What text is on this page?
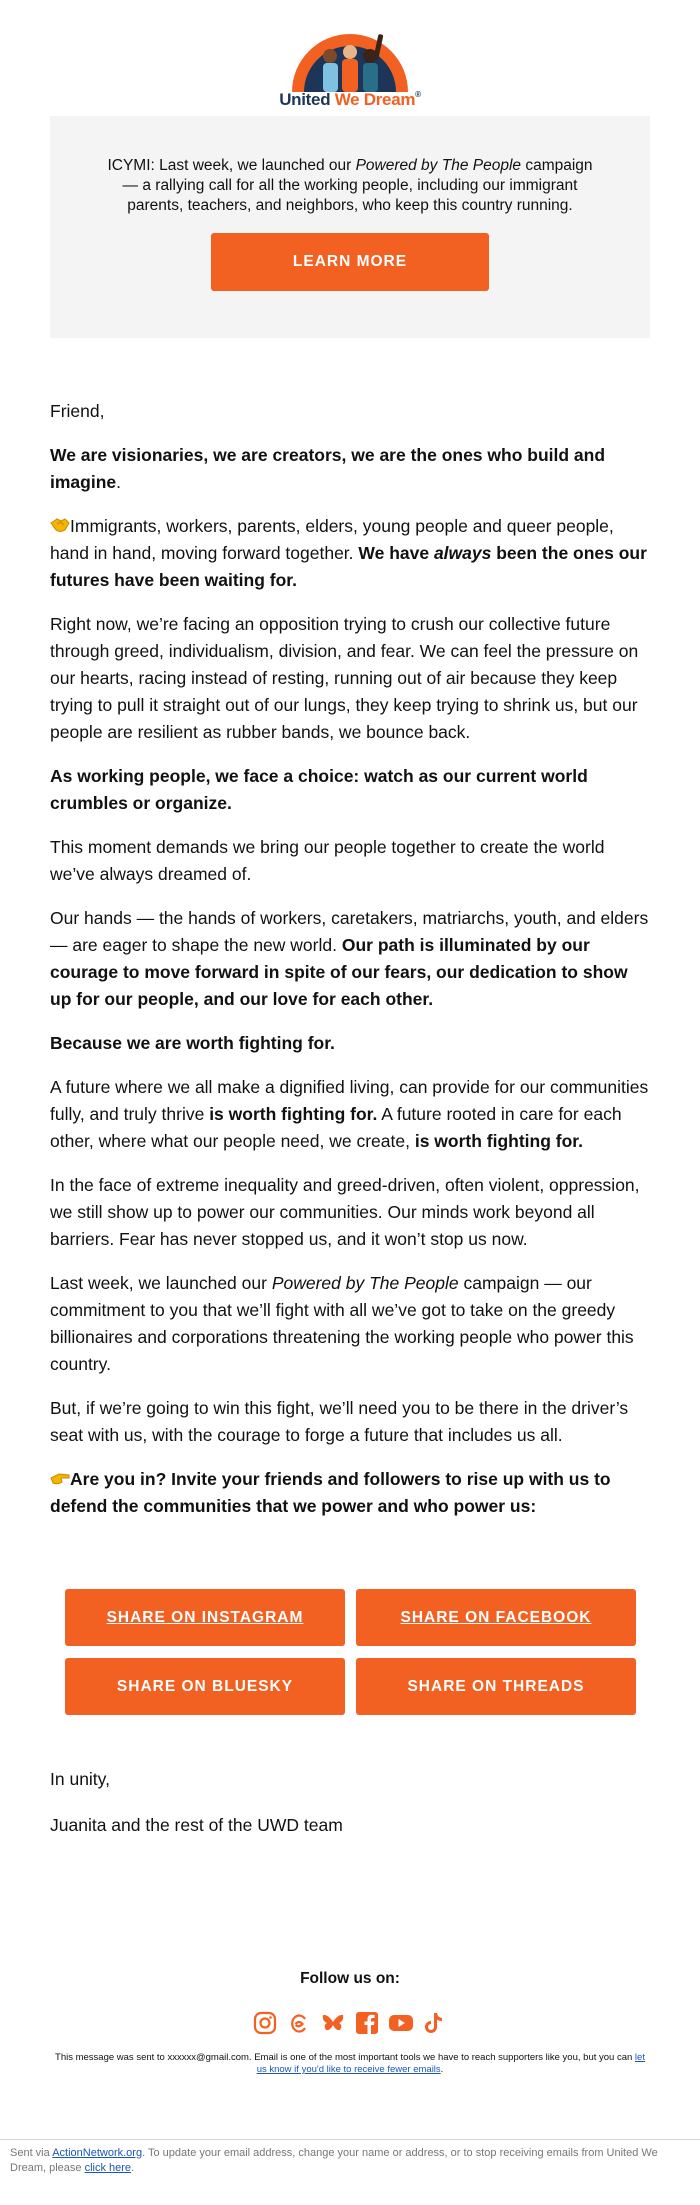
United We Dream®

ICYMI: Last week, we launched our Powered by The People campaign — a rallying call for all the working people, including our immigrant parents, teachers, and neighbors, who keep this country running.

LEARN MORE

Friend,

We are visionaries, we are creators, we are the ones who build and imagine.

Immigrants, workers, parents, elders, young people and queer people, hand in hand, moving forward together. We have always been the ones our futures have been waiting for.

Right now, we’re facing an opposition trying to crush our collective future through greed, individualism, division, and fear. We can feel the pressure on our hearts, racing instead of resting, running out of air because they keep trying to pull it straight out of our lungs, they keep trying to shrink us, but our people are resilient as rubber bands, we bounce back.

As working people, we face a choice: watch as our current world crumbles or organize.

This moment demands we bring our people together to create the world we’ve always dreamed of.

Our hands — the hands of workers, caretakers, matriarchs, youth, and elders — are eager to shape the new world. Our path is illuminated by our courage to move forward in spite of our fears, our dedication to show up for our people, and our love for each other.

Because we are worth fighting for.

A future where we all make a dignified living, can provide for our communities fully, and truly thrive is worth fighting for. A future rooted in care for each other, where what our people need, we create, is worth fighting for.

In the face of extreme inequality and greed-driven, often violent, oppression, we still show up to power our communities. Our minds work beyond all barriers. Fear has never stopped us, and it won’t stop us now.

Last week, we launched our Powered by The People campaign — our commitment to you that we’ll fight with all we’ve got to take on the greedy billionaires and corporations threatening the working people who power this country.

But, if we’re going to win this fight, we’ll need you to be there in the driver’s seat with us, with the courage to forge a future that includes us all.

Are you in? Invite your friends and followers to rise up with us to defend the communities that we power and who power us:

SHARE ON INSTAGRAM	SHARE ON FACEBOOK
SHARE ON BLUESKY	SHARE ON THREADS
In unity,
Juanita and the rest of the UWD team
Follow us on:
This message was sent to xxxxxx@gmail.com. Email is one of the most important tools we have to reach supporters like you, but you can let us know if you'd like to receive fewer emails.
Sent via ActionNetwork.org. To update your email address, change your name or address, or to stop receiving emails from United We Dream, please click here.
